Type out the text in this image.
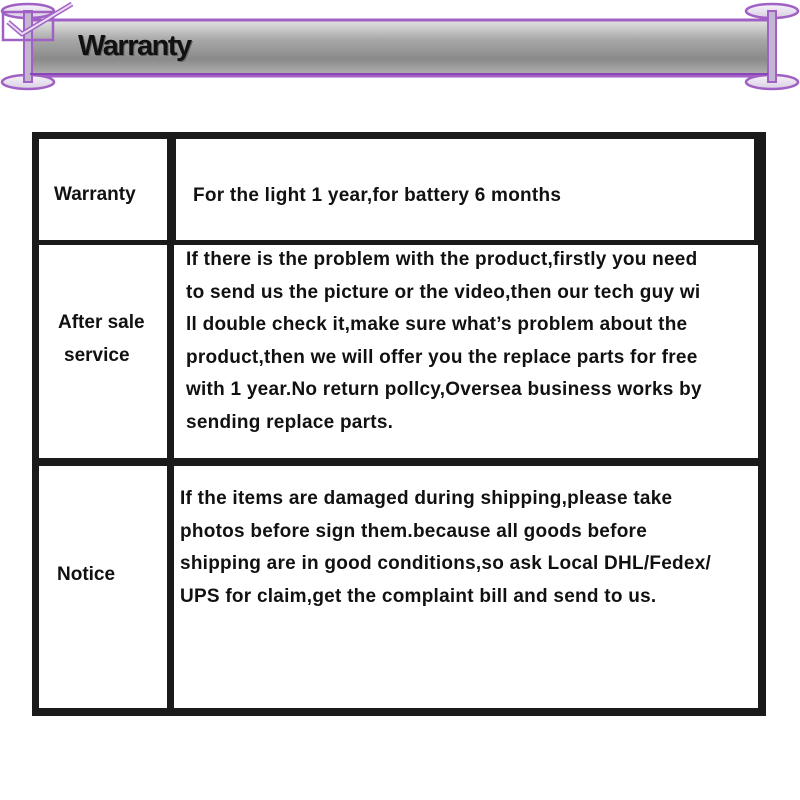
Warranty
Warranty	For the light 1 year,for battery 6 months
After sale
service
If there is the problem with the product,firstly you need
to send us the picture or the video,then our tech guy wi
ll double check it,make sure what’s problem about the
product,then we will offer you the replace parts for free
with 1 year.No return pollcy,Oversea business works by
sending replace parts.
Notice
If the items are damaged during shipping,please take
photos before sign them.because all goods before
shipping are in good conditions,so ask Local DHL/Fedex/
UPS for claim,get the complaint bill and send to us.
